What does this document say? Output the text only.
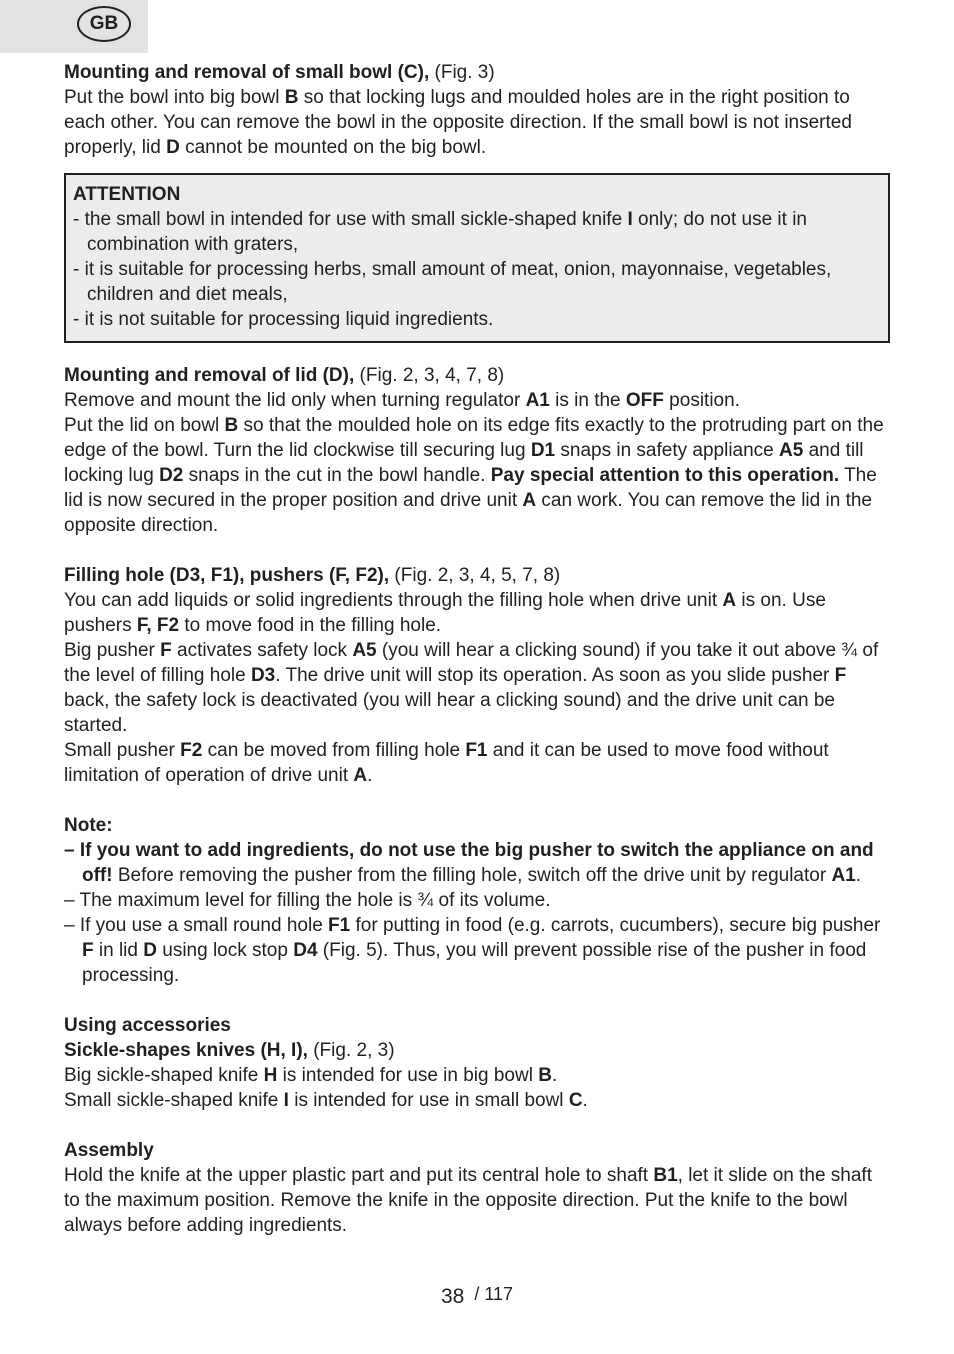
GB

Mounting and removal of small bowl (C), (Fig. 3)

Put the bowl into big bowl B so that locking lugs and moulded holes are in the right position to each other. You can remove the bowl in the opposite direction. If the small bowl is not inserted properly, lid D cannot be mounted on the big bowl.

ATTENTION

- the small bowl in intended for use with small sickle-shaped knife I only; do not use it in combination with graters,

- it is suitable for processing herbs, small amount of meat, onion, mayonnaise, vegetables, children and diet meals,

- it is not suitable for processing liquid ingredients.

Mounting and removal of lid (D), (Fig. 2, 3, 4, 7, 8)

Remove and mount the lid only when turning regulator A1 is in the OFF position.

Put the lid on bowl B so that the moulded hole on its edge fits exactly to the protruding part on the edge of the bowl. Turn the lid clockwise till securing lug D1 snaps in safety appliance A5 and till locking lug D2 snaps in the cut in the bowl handle. Pay special attention to this operation. The lid is now secured in the proper position and drive unit A can work. You can remove the lid in the opposite direction.

Filling hole (D3, F1), pushers (F, F2), (Fig. 2, 3, 4, 5, 7, 8)

You can add liquids or solid ingredients through the filling hole when drive unit A is on. Use pushers F, F2 to move food in the filling hole.

Big pusher F activates safety lock A5 (you will hear a clicking sound) if you take it out above ¾ of the level of filling hole D3. The drive unit will stop its operation. As soon as you slide pusher F back, the safety lock is deactivated (you will hear a clicking sound) and the drive unit can be started.

Small pusher F2 can be moved from filling hole F1 and it can be used to move food without limitation of operation of drive unit A.

Note:

– If you want to add ingredients, do not use the big pusher to switch the appliance on and off! Before removing the pusher from the filling hole, switch off the drive unit by regulator A1.

– The maximum level for filling the hole is ¾ of its volume.

– If you use a small round hole F1 for putting in food (e.g. carrots, cucumbers), secure big pusher F in lid D using lock stop D4 (Fig. 5). Thus, you will prevent possible rise of the pusher in food processing.

Using accessories

Sickle-shapes knives (H, I), (Fig. 2, 3)

Big sickle-shaped knife H is intended for use in big bowl B.

Small sickle-shaped knife I is intended for use in small bowl C.

Assembly

Hold the knife at the upper plastic part and put its central hole to shaft B1, let it slide on the shaft to the maximum position. Remove the knife in the opposite direction. Put the knife to the bowl always before adding ingredients.

38 / 117
